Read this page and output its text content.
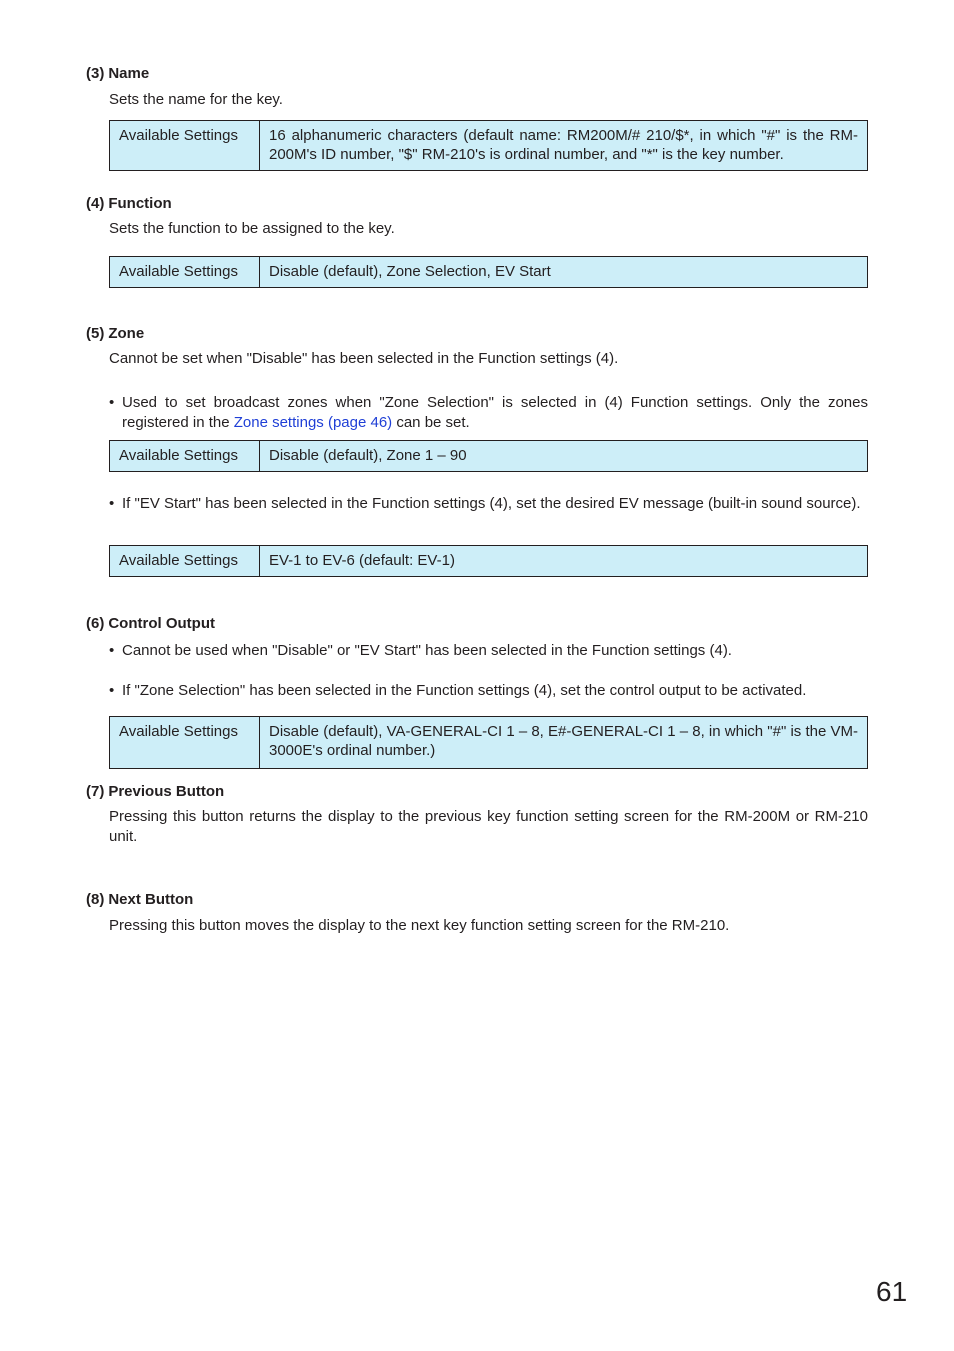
(3) Name
Sets the name for the key.
Available Settings	16 alphanumeric characters (default name: RM200M/# 210/$*, in which "#" is the RM-200M's ID number, "$" RM-210's is ordinal number, and "*" is the key number.
(4) Function
Sets the function to be assigned to the key.
Available Settings	Disable (default), Zone Selection, EV Start
(5) Zone
Cannot be set when "Disable" has been selected in the Function settings (4).
• Used to set broadcast zones when "Zone Selection" is selected in (4) Function settings. Only the zones registered in the Zone settings (page 46) can be set.
Available Settings	Disable (default), Zone 1 – 90
• If "EV Start" has been selected in the Function settings (4), set the desired EV message (built-in sound source).
Available Settings	EV-1 to EV-6 (default: EV-1)
(6) Control Output
• Cannot be used when "Disable" or "EV Start" has been selected in the Function settings (4).
• If "Zone Selection" has been selected in the Function settings (4), set the control output to be activated.
Available Settings	Disable (default), VA-GENERAL-CI 1 – 8, E#-GENERAL-CI 1 – 8, in which "#" is the VM-3000E's ordinal number.)
(7) Previous Button
Pressing this button returns the display to the previous key function setting screen for the RM-200M or RM-210 unit.
(8) Next Button
Pressing this button moves the display to the next key function setting screen for the RM-210.
61
